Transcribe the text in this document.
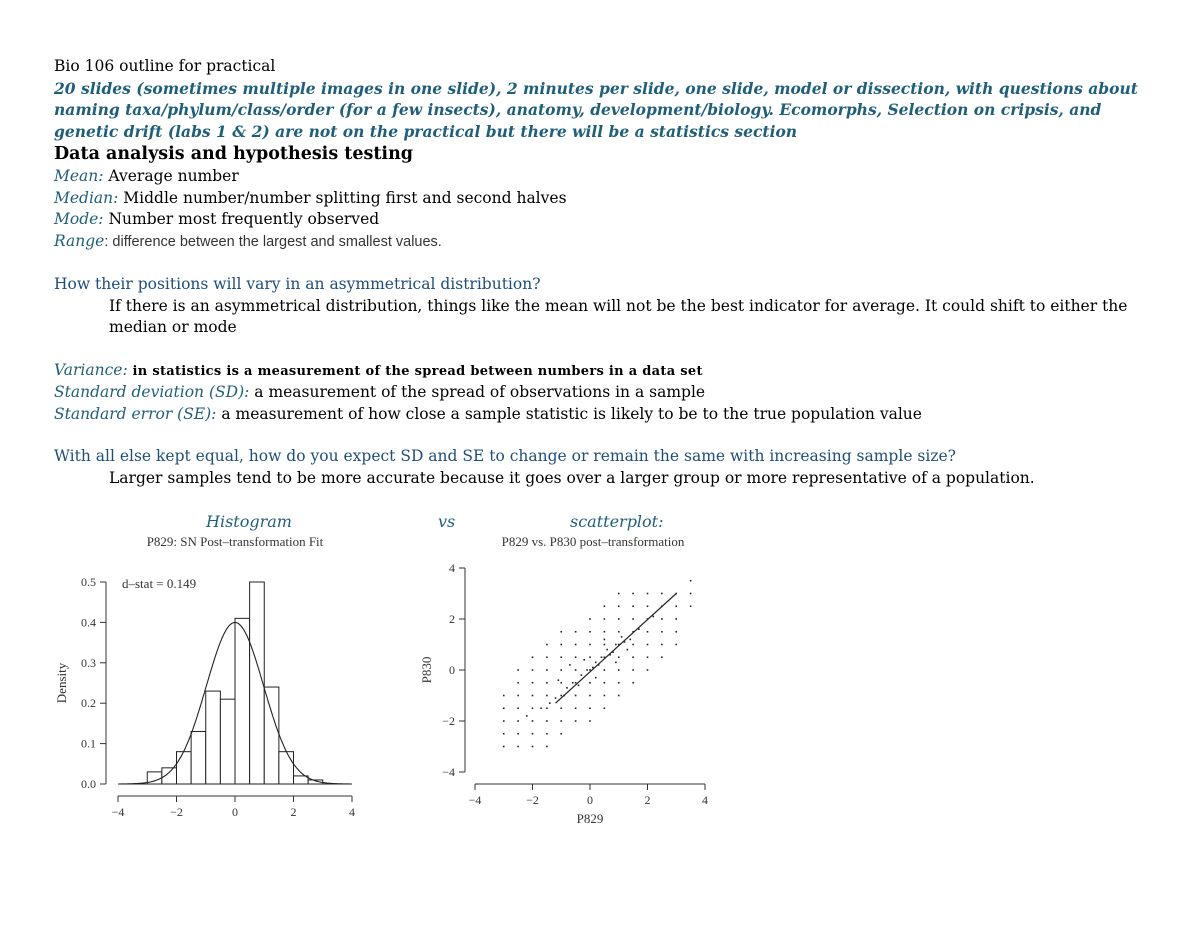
Bio 106 outline for practical
20 slides (sometimes multiple images in one slide), 2 minutes per slide, one slide, model or dissection, with questions about naming taxa/phylum/class/order (for a few insects), anatomy, development/biology. Ecomorphs, Selection on cripsis, and genetic drift (labs 1 & 2) are not on the practical but there will be a statistics section
Data analysis and hypothesis testing
Mean: Average number
Median: Middle number/number splitting first and second halves
Mode: Number most frequently observed
Range: difference between the largest and smallest values.
How their positions will vary in an asymmetrical distribution?
If there is an asymmetrical distribution, things like the mean will not be the best indicator for average. It could shift to either the median or mode
Variance: in statistics is a measurement of the spread between numbers in a data set
Standard deviation (SD): a measurement of the spread of observations in a sample
Standard error (SE): a measurement of how close a sample statistic is likely to be to the true population value
With all else kept equal, how do you expect SD and SE to change or remain the same with increasing sample size?
Larger samples tend to be more accurate because it goes over a larger group or more representative of a population.
Histogram	vs	scatterplot:
P829: SN Post–transformation Fit
d–stat = 0.149
0.0
0.1
0.2
0.3
0.4
0.5
Density
−4	−2	0	2	4
P829 vs. P830 post–transformation
−4
−2
0
2
4
P830
−4	−2	0	2	4
P829
